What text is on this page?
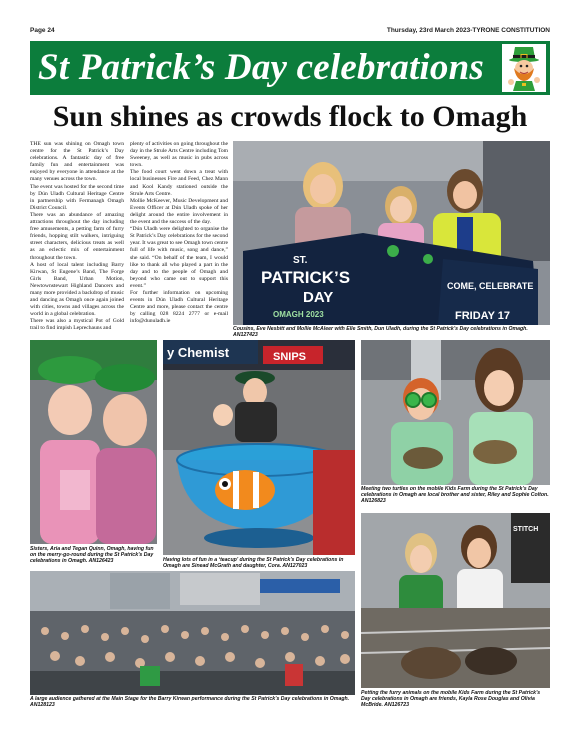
Page 24	Thursday, 23rd March 2023-TYRONE CONSTITUTION
St Patrick’s Day celebrations
Sun shines as crowds flock to Omagh

THE sun was shining on Omagh town centre for the St Patrick’s Day celebrations. A fantastic day of free family fun and entertainment was enjoyed by everyone in attendance at the many venues across the town.

The event was hosted for the second time by Dún Uladh Cultural Heritage Centre in partnership with Fermanagh Omagh District Council.

There was an abundance of amazing attractions throughout the day including free amusements, a petting farm of furry friends, hopping stilt walkers, intriguing street characters, delicious treats as well as an eclectic mix of entertainment throughout the town.

A host of local talent including Barry Kirwan, St Eugene’s Band, The Forge Girls Band, Urban Motion, Newtownstewart Highland Dancers and many more provided a backdrop of music and dancing as Omagh once again joined with cities, towns and villages across the world in a global celebration.

There was also a mystical Pot of Gold trail to find impish Leprechauns and

plenty of activities on going throughout the day in the Strule Arts Centre including Tom Sweeney, as well as music in pubs across town.

The food court went down a treat with local businesses Fire and Feed, Chez Mann and Kool Kandy stationed outside the Strule Arts Centre.

Mollie McKeever, Music Development and Events Officer at Dún Uladh spoke of her delight around the entire involvement in the event and the success of the day.

“Dún Uladh were delighted to organise the St Patrick’s Day celebrations for the second year. It was great to see Omagh town centre full of life with music, song and dance,” she said. “On behalf of the team, I would like to thank all who played a part in the day and to the people of Omagh and beyond who came out to support this event.”

For further information on upcoming events in Dún Uladh Cultural Heritage Centre and more, please contact the centre by calling 028 8224 2777 or e-mail info@dunuladh.ie

ST.
PATRICK’S
DAY
OMAGH 2023
COME, CELEBRATE
FRIDAY 17
Cousins, Eve Nesbitt and Mollie McAleer with Elle Smith, Dun Uladh, during the St Patrick’s Day celebrations in Omagh. AN127423
Sisters, Aria and Tegan Quinn, Omagh, having fun on the merry-go-round during the St Patrick’s Day celebrations in Omagh. AN126423
y Chemist	SNIPS
Having lots of fun in a ‘teacup’ during the St Patrick’s Day celebrations in Omagh are Sinead McGrath and daughter, Cora. AN127023
Meeting two turtles on the mobile Kids Farm during the St Patrick’s Day celebrations in Omagh are local brother and sister, Riley and Sophie Colton. AN126823
A large audience gathered at the Main Stage for the Barry Kirwan performance during the St Patrick’s Day celebrations in Omagh. AN128123
STITCH
Petting the furry animals on the mobile Kids Farm during the St Patrick’s Day celebrations in Omagh are friends, Kayla Rose Douglas and Olivia McBride. AN126723
